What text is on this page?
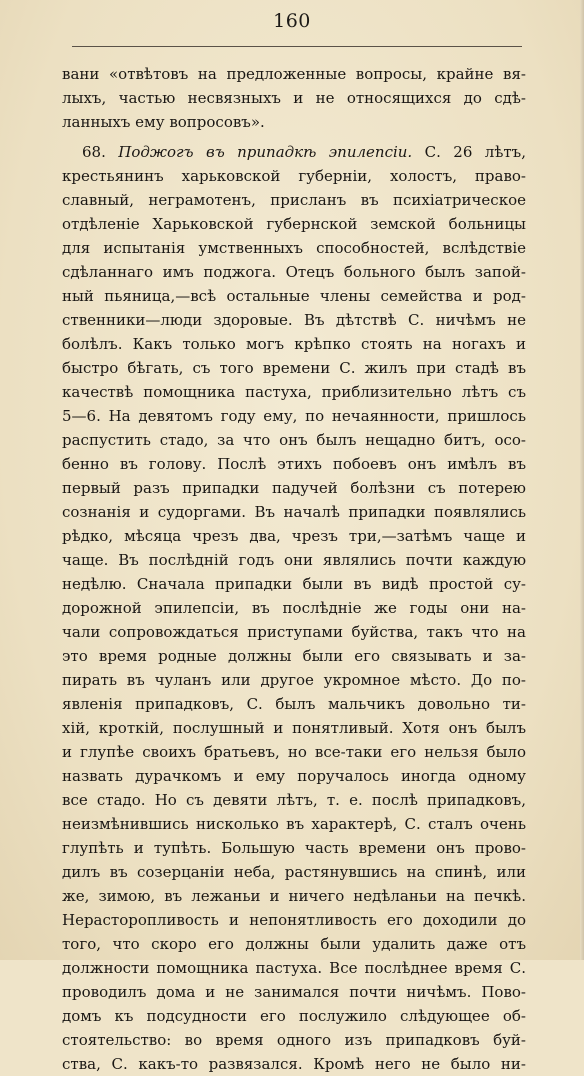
160
вани «отвѣтовъ на предложенные вопросы, крайне вя-
лыхъ, частью несвязныхъ и не относящихся до сдѣ-
ланныхъ ему вопросовъ».
68. Поджогъ въ припадкѣ эпилепсіи. С. 26 лѣтъ,
крестьянинъ харьковской губерніи, холостъ, право-
славный, неграмотенъ, присланъ въ психіатрическое
отдѣленіе Харьковской губернской земской больницы
для испытанія умственныхъ способностей, вслѣдствіе
сдѣланнаго имъ поджога. Отецъ больного былъ запой-
ный пьяница,—всѣ остальные члены семейства и род-
ственники—люди здоровые. Въ дѣтствѣ С. ничѣмъ не
болѣлъ. Какъ только могъ крѣпко стоять на ногахъ и
быстро бѣгать, съ того времени С. жилъ при стадѣ въ
качествѣ помощника пастуха, приблизительно лѣтъ съ
5—6. На девятомъ году ему, по нечаянности, пришлось
распустить стадо, за что онъ былъ нещадно битъ, осо-
бенно въ голову. Послѣ этихъ побоевъ онъ имѣлъ въ
первый разъ припадки падучей болѣзни съ потерею
сознанія и судоргами. Въ началѣ припадки появлялись
рѣдко, мѣсяца чрезъ два, чрезъ три,—затѣмъ чаще и
чаще. Въ послѣдній годъ они являлись почти каждую
недѣлю. Сначала припадки были въ видѣ простой су-
дорожной эпилепсіи, въ послѣдніе же годы они на-
чали сопровождаться приступами буйства, такъ что на
это время родные должны были его связывать и за-
пирать въ чуланъ или другое укромное мѣсто. До по-
явленія припадковъ, С. былъ мальчикъ довольно ти-
хій, кроткій, послушный и понятливый. Хотя онъ былъ
и глупѣе своихъ братьевъ, но все-таки его нельзя было
назвать дурачкомъ и ему поручалось иногда одному
все стадо. Но съ девяти лѣтъ, т. е. послѣ припадковъ,
неизмѣнившись нисколько въ характерѣ, С. сталъ очень
глупѣть и тупѣть. Большую часть времени онъ прово-
дилъ въ созерцаніи неба, растянувшись на спинѣ, или
же, зимою, въ лежаньи и ничего недѣланьи на печкѣ.
Нерасторопливость и непонятливость его доходили до
того, что скоро его должны были удалить даже отъ
должности помощника пастуха. Все послѣднее время С.
проводилъ дома и не занимался почти ничѣмъ. Пово-
домъ къ подсудности его послужило слѣдующее об-
стоятельство: во время одного изъ припадковъ буй-
ства, С. какъ-то развязался. Кромѣ него не было ни-
